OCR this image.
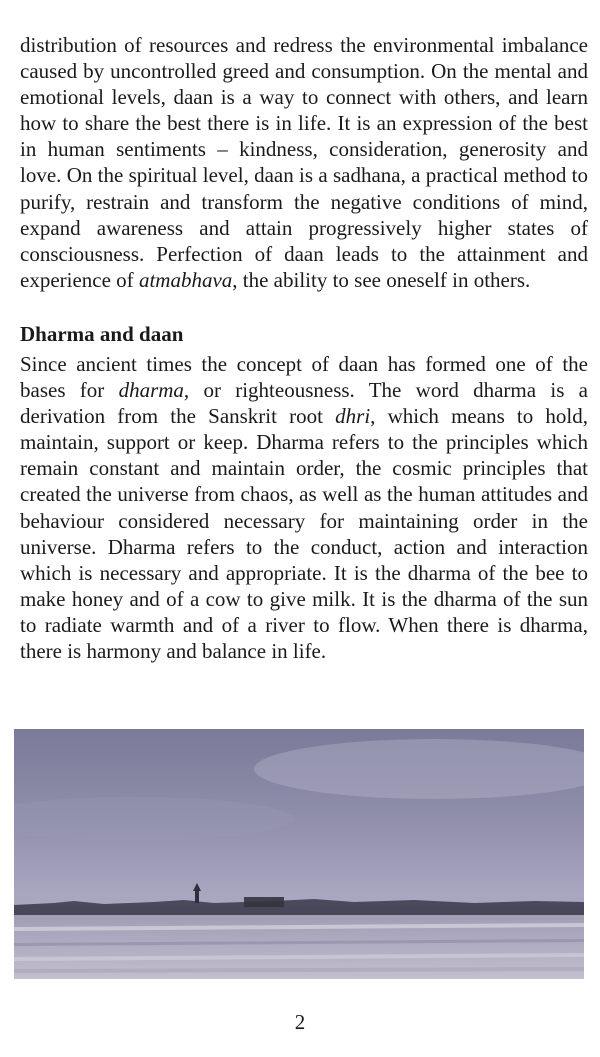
distribution of resources and redress the environmental imbalance caused by uncontrolled greed and consumption. On the mental and emotional levels, daan is a way to connect with others, and learn how to share the best there is in life. It is an expression of the best in human sentiments – kindness, consideration, generosity and love. On the spiritual level, daan is a sadhana, a practical method to purify, restrain and transform the negative conditions of mind, expand awareness and attain progressively higher states of consciousness. Perfection of daan leads to the attainment and experience of atmabhava, the ability to see oneself in others.

Dharma and daan

Since ancient times the concept of daan has formed one of the bases for dharma, or righteousness. The word dharma is a derivation from the Sanskrit root dhri, which means to hold, maintain, support or keep. Dharma refers to the principles which remain constant and maintain order, the cosmic principles that created the universe from chaos, as well as the human attitudes and behaviour considered necessary for maintaining order in the universe. Dharma refers to the conduct, action and interaction which is necessary and appropriate. It is the dharma of the bee to make honey and of a cow to give milk. It is the dharma of the sun to radiate warmth and of a river to flow. When there is dharma, there is harmony and balance in life.

2
